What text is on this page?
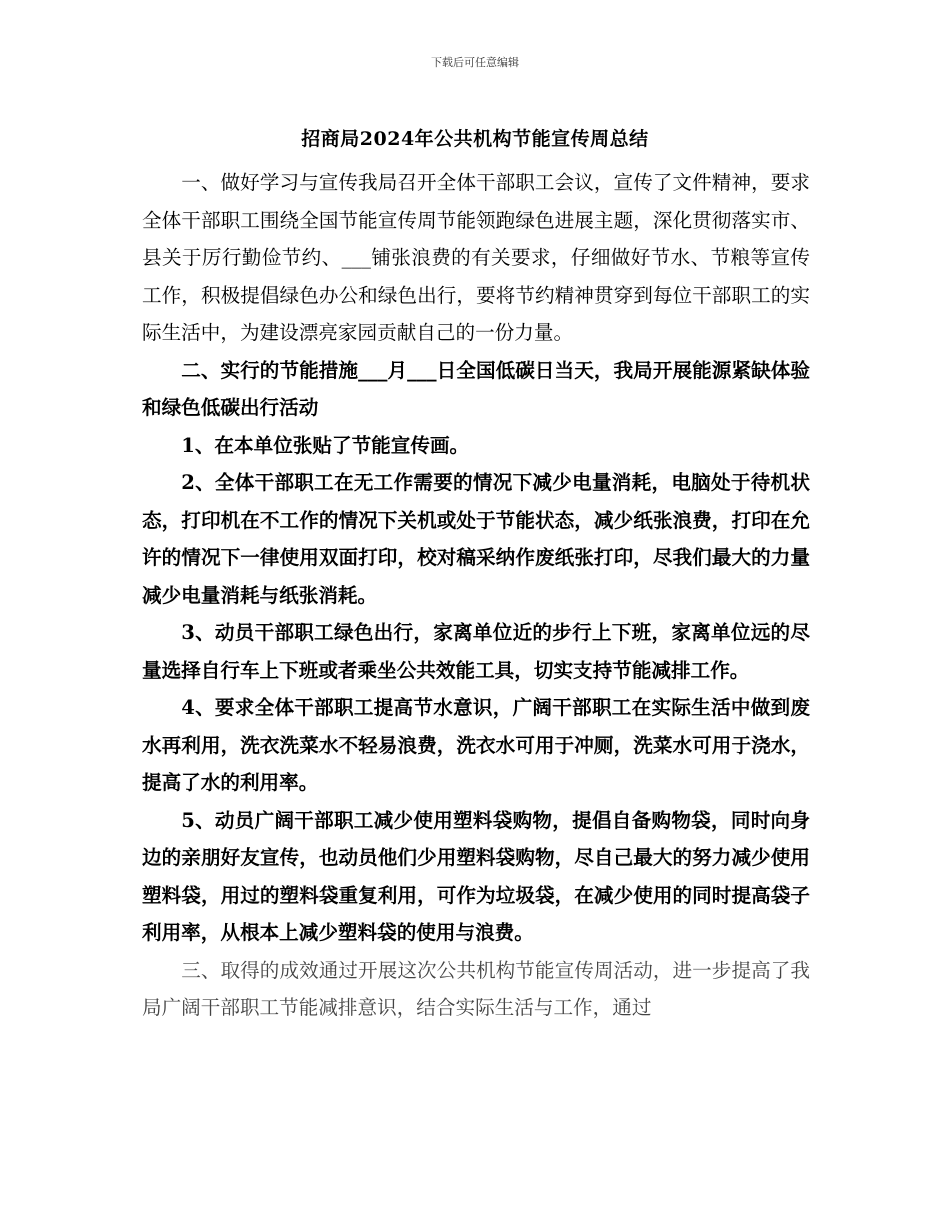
下载后可任意编辑
招商局2024年公共机构节能宣传周总结

一、做好学习与宣传我局召开全体干部职工会议，宣传了文件精神，要求全体干部职工围绕全国节能宣传周节能领跑绿色进展主题，深化贯彻落实市、县关于厉行勤俭节约、___铺张浪费的有关要求，仔细做好节水、节粮等宣传工作，积极提倡绿色办公和绿色出行，要将节约精神贯穿到每位干部职工的实际生活中，为建设漂亮家园贡献自己的一份力量。

二、实行的节能措施___月___日全国低碳日当天，我局开展能源紧缺体验和绿色低碳出行活动

1、在本单位张贴了节能宣传画。

2、全体干部职工在无工作需要的情况下减少电量消耗，电脑处于待机状态，打印机在不工作的情况下关机或处于节能状态，减少纸张浪费，打印在允许的情况下一律使用双面打印，校对稿采纳作废纸张打印，尽我们最大的力量减少电量消耗与纸张消耗。

3、动员干部职工绿色出行，家离单位近的步行上下班，家离单位远的尽量选择自行车上下班或者乘坐公共效能工具，切实支持节能减排工作。

4、要求全体干部职工提高节水意识，广阔干部职工在实际生活中做到废水再利用，洗衣洗菜水不轻易浪费，洗衣水可用于冲厕，洗菜水可用于浇水，提高了水的利用率。

5、动员广阔干部职工减少使用塑料袋购物，提倡自备购物袋，同时向身边的亲朋好友宣传，也动员他们少用塑料袋购物，尽自己最大的努力减少使用塑料袋，用过的塑料袋重复利用，可作为垃圾袋，在减少使用的同时提高袋子利用率，从根本上减少塑料袋的使用与浪费。

三、取得的成效通过开展这次公共机构节能宣传周活动，进一步提高了我局广阔干部职工节能减排意识，结合实际生活与工作，通过
